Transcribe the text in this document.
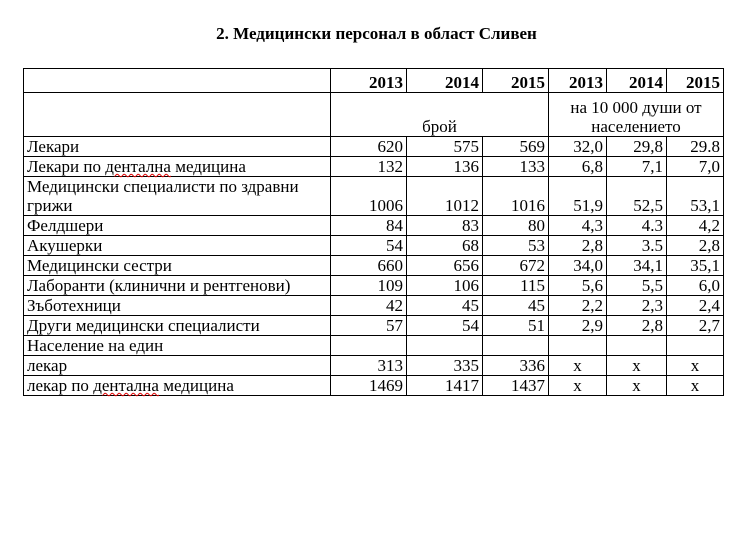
2. Медицински персонал в област Сливен
	2013	2014	2015	2013	2014	2015
	брой			на 10 000 души от населението		
Лекари	620	575	569	32,0	29,8	29.8
Лекари по дентална медицина	132	136	133	6,8	7,1	7,0
Медицински специалисти по здравни грижи	1006	1012	1016	51,9	52,5	53,1
Фелдшери	84	83	80	4,3	4.3	4,2
Акушерки	54	68	53	2,8	3.5	2,8
Медицински сестри	660	656	672	34,0	34,1	35,1
Лаборанти (клинични и рентгенови)	109	106	115	5,6	5,5	6,0
Зъботехници	42	45	45	2,2	2,3	2,4
Други медицински специалисти	57	54	51	2,9	2,8	2,7
Население на един						
лекар	313	335	336	x	x	x
лекар по дентална медицина	1469	1417	1437	x	x	x
